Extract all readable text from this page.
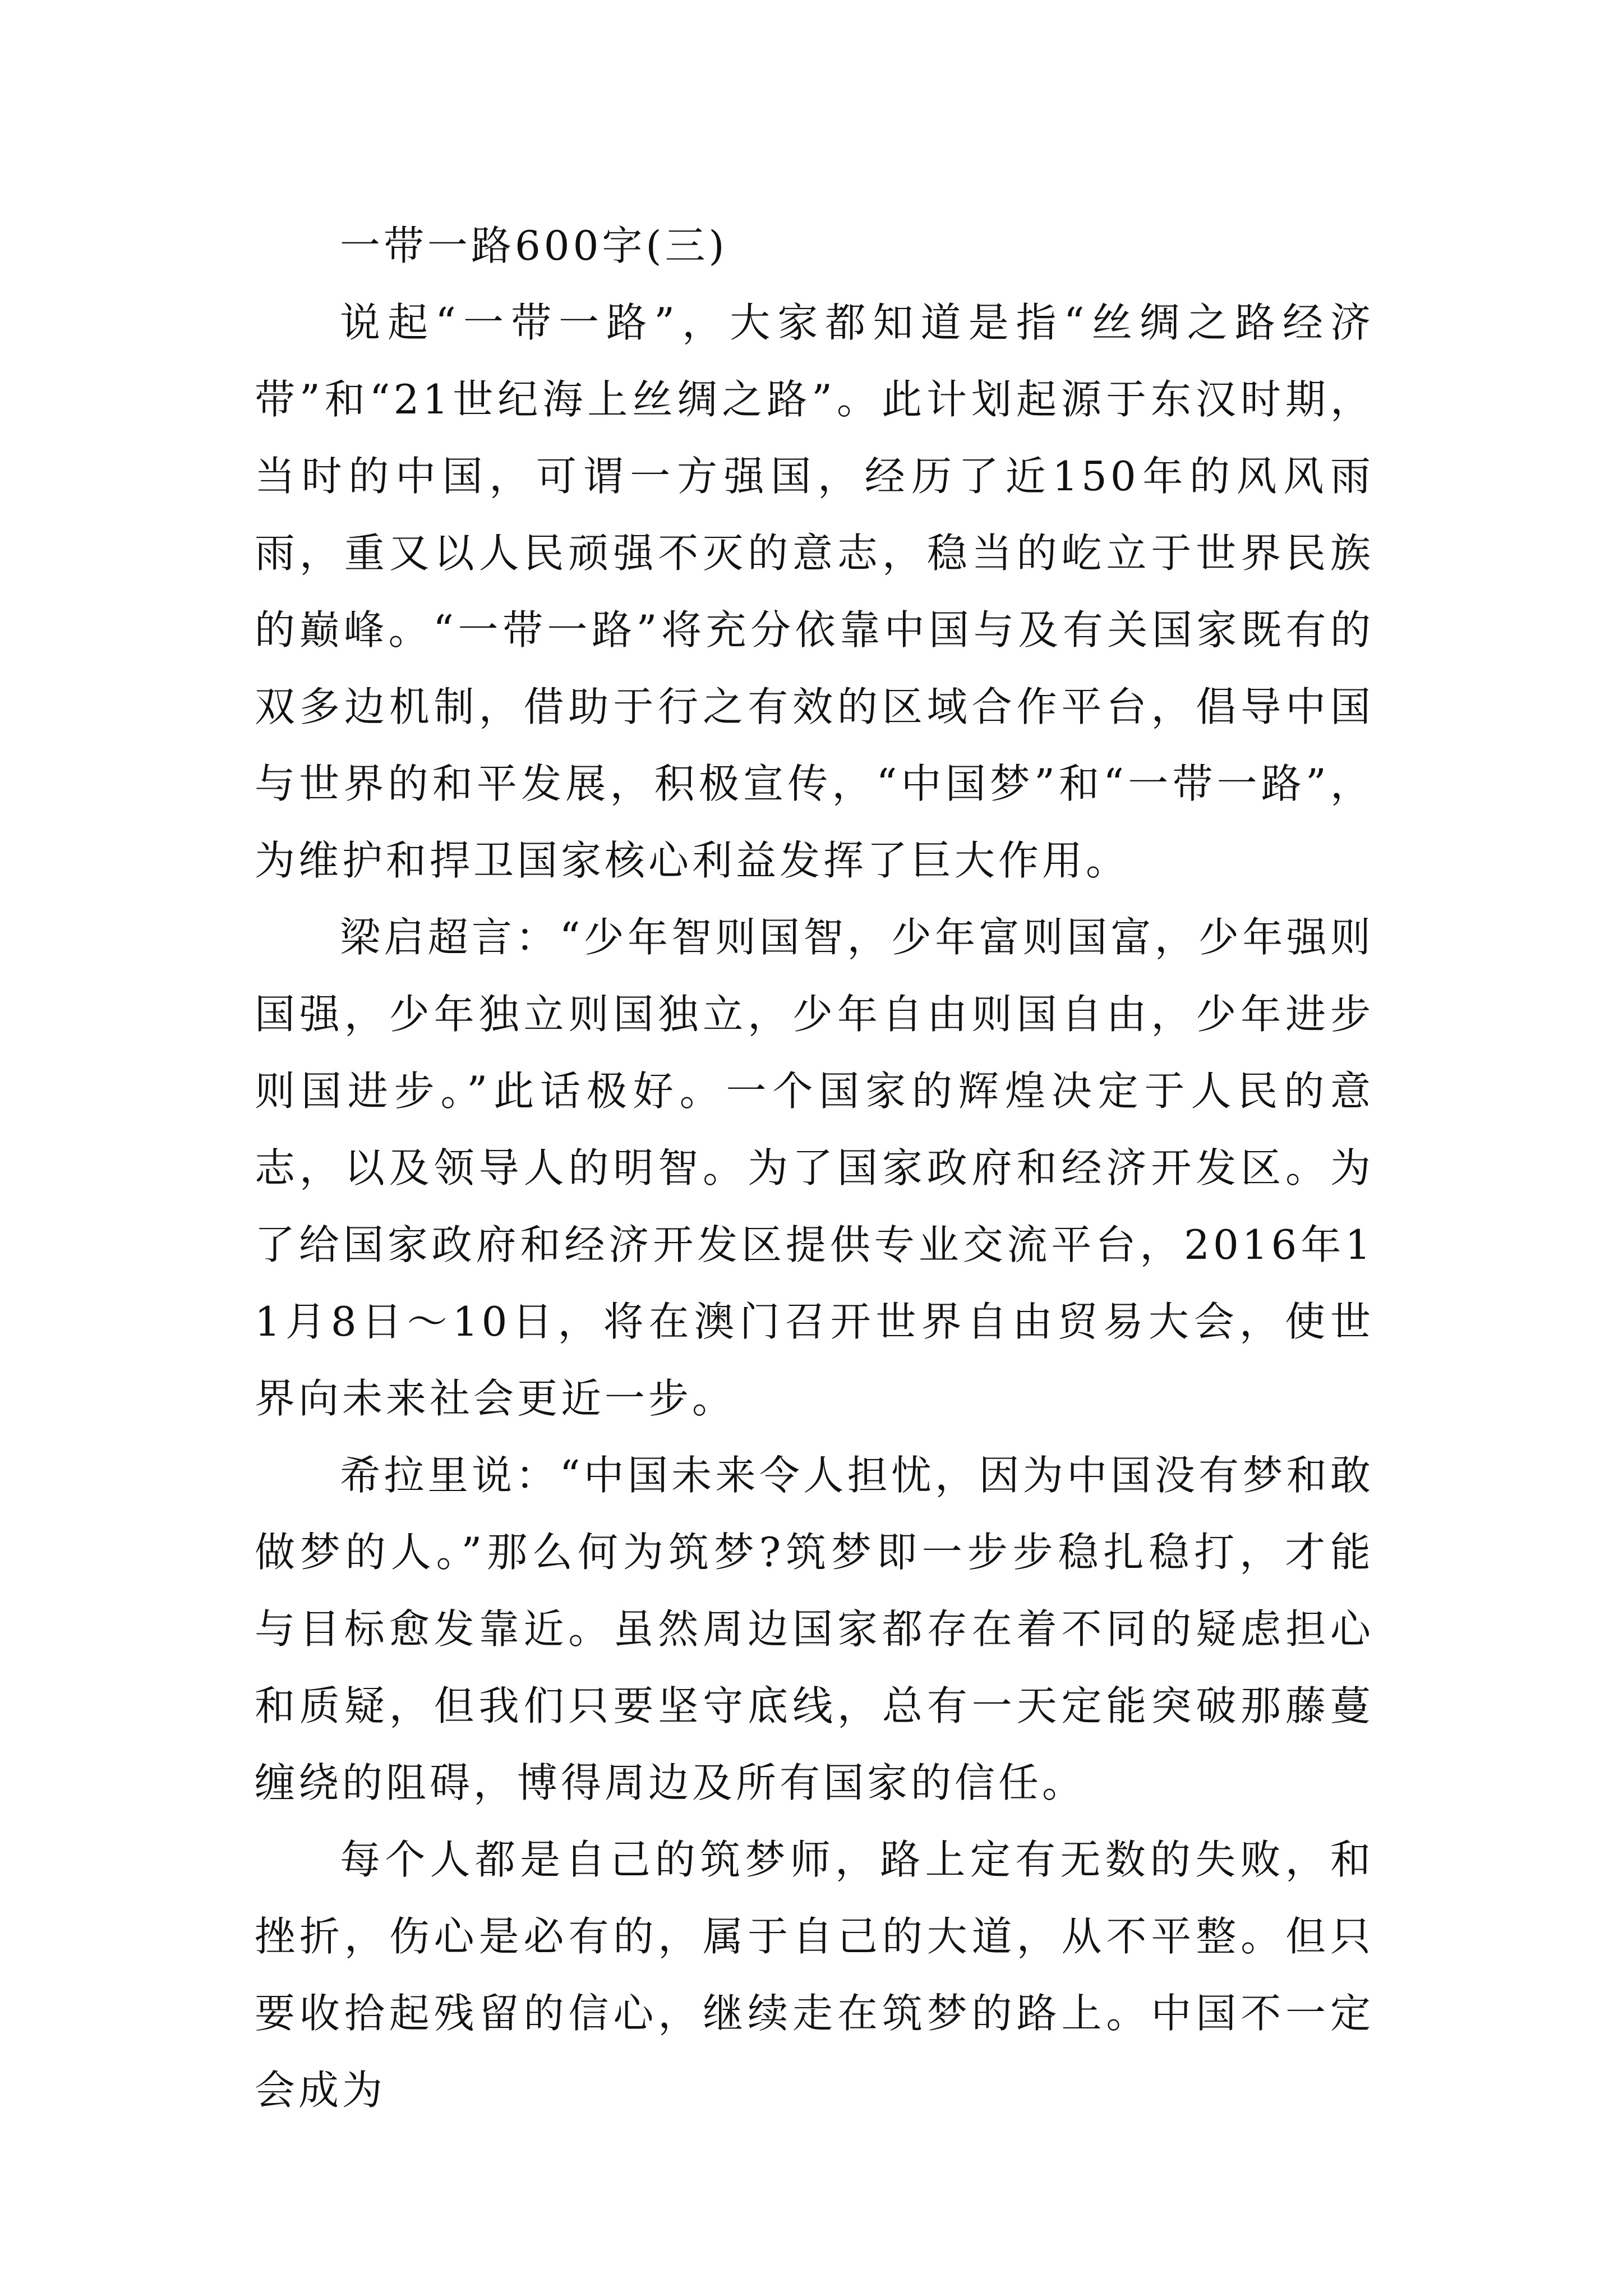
一带一路600字(三)

说起“一带一路”，大家都知道是指“丝绸之路经济带”和“21世纪海上丝绸之路”。此计划起源于东汉时期，当时的中国，可谓一方强国，经历了近150年的风风雨雨，重又以人民顽强不灭的意志，稳当的屹立于世界民族的巅峰。“一带一路”将充分依靠中国与及有关国家既有的双多边机制，借助于行之有效的区域合作平台，倡导中国与世界的和平发展，积极宣传，“中国梦”和“一带一路”，为维护和捍卫国家核心利益发挥了巨大作用。

梁启超言：“少年智则国智，少年富则国富，少年强则国强，少年独立则国独立，少年自由则国自由，少年进步则国进步。”此话极好。一个国家的辉煌决定于人民的意志，以及领导人的明智。为了国家政府和经济开发区。为了给国家政府和经济开发区提供专业交流平台，2016年11月8日～10日，将在澳门召开世界自由贸易大会，使世界向未来社会更近一步。

希拉里说：“中国未来令人担忧，因为中国没有梦和敢做梦的人。”那么何为筑梦?筑梦即一步步稳扎稳打，才能与目标愈发靠近。虽然周边国家都存在着不同的疑虑担心和质疑，但我们只要坚守底线，总有一天定能突破那藤蔓缠绕的阻碍，博得周边及所有国家的信任。

每个人都是自己的筑梦师，路上定有无数的失败，和挫折，伤心是必有的，属于自己的大道，从不平整。但只要收拾起残留的信心，继续走在筑梦的路上。中国不一定会成为
